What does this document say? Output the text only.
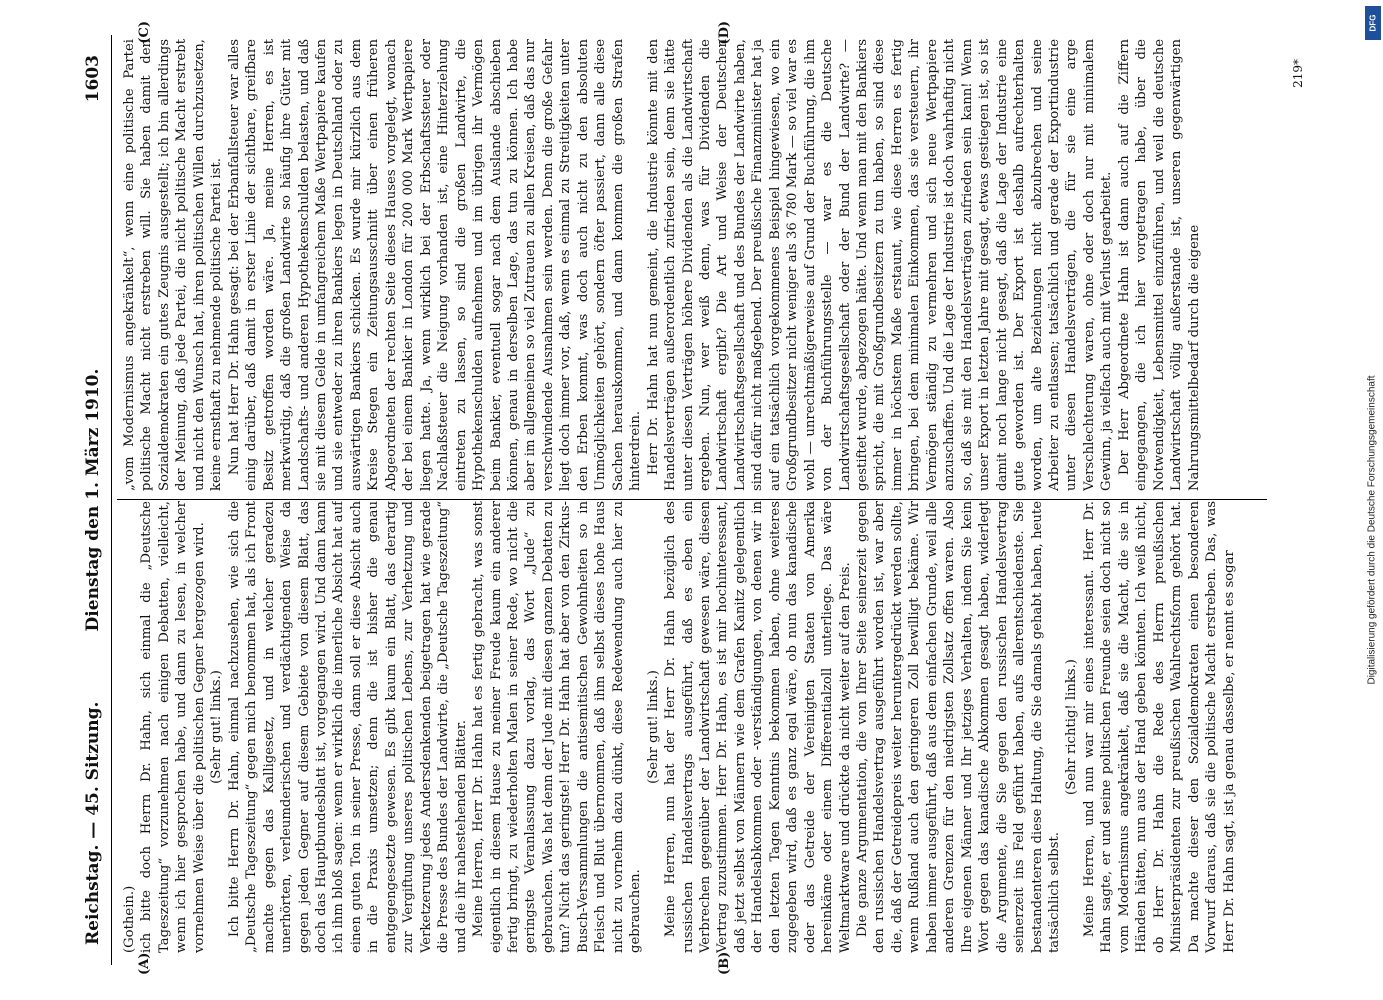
Reichstag. — 45. Sitzung.
Dienstag den 1. März 1910.
1603
(A)	(B)
(C)	(D)

(Gothein.) ich bitte doch Herrn Dr. Hahn, sich einmal die „Deutsche Tageszeitung“ vorzunehmen nach einigen Debatten, vielleicht, wenn ich hier gesprochen habe, und dann zu lesen, in welcher vornehmen Weise über die politischen Gegner hergezogen wird. (Sehr gut! links.) Ich bitte Herrn Dr. Hahn, einmal nachzusehen, wie sich die „Deutsche Tageszeitung“ gegen mich benommen hat, als ich Front machte gegen das Kalligesetz, und in welcher geradezu unerhörten, verleumderischen und verdächtigenden Weise da gegen jeden Gegner auf diesem Gebiete von diesem Blatt, das doch das Hauptbundesblatt ist, vorgegangen wird. Und dann kann ich ihm bloß sagen: wenn er wirklich die innerliche Absicht hat auf einen guten Ton in seiner Presse, dann soll er diese Absicht auch in die Praxis umsetzen; denn die ist bisher die genau entgegengesetzte gewesen. Es gibt kaum ein Blatt, das derartig zur Vergiftung unseres politischen Lebens, zur Verhetzung und Verketzerung jedes Andersdenkenden beigetragen hat wie gerade die Presse des Bundes der Landwirte, die „Deutsche Tageszeitung“ und die ihr nahestehenden Blätter. Meine Herren, Herr Dr. Hahn hat es fertig gebracht, was sonst eigentlich in diesem Hause zu meiner Freude kaum ein anderer fertig bringt, zu wiederholten Malen in seiner Rede, wo nicht die geringste Veranlassung dazu vorlag, das Wort „Jude“ zu gebrauchen. Was hat denn der Jude mit diesen ganzen Debatten zu tun? Nicht das geringste! Herr Dr. Hahn hat aber von den Zirkus-Busch-Versammlungen die antisemitischen Gewohnheiten so in Fleisch und Blut übernommen, daß ihm selbst dieses hohe Haus nicht zu vornehm dazu dünkt, diese Redewendung auch hier zu gebrauchen.

(Sehr gut! links.) Meine Herren, nun hat der Herr Dr. Hahn bezüglich des russischen Handelsvertrags ausgeführt, daß es eben ein Verbrechen gegenüber der Landwirtschaft gewesen wäre, diesen Vertrag zuzustimmen. Herr Dr. Hahn, es ist mir hochinteressant, daß jetzt selbst von Männern wie dem Grafen Kanitz gelegentlich der Handelsabkommen oder -verständigungen, von denen wir in den letzten Tagen Kenntnis bekommen haben, ohne weiteres zugegeben wird, daß es ganz egal wäre, ob nun das kanadische oder das Getreide der Vereinigten Staaten von Amerika hereinkäme oder einem Differentialzoll unterliege. Das wäre Weltmarktware und drückte da nicht weiter auf den Preis. Die ganze Argumentation, die von Ihrer Seite seinerzeit gegen den russischen Handelsvertrag ausgeführt worden ist, war aber die, daß der Getreidepreis weiter heruntergedrückt werden sollte, wenn Rußland auch den geringeren Zoll bewilligt bekäme. Wir haben immer ausgeführt, daß aus dem einfachen Grunde, weil alle anderen Grenzen für den niedrigsten Zollsatz offen waren. Also Ihre eigenen Männer und Ihr jetziges Verhalten, indem Sie kein Wort gegen das kanadische Abkommen gesagt haben, widerlegt die Argumente, die Sie gegen den russischen Handelsvertrag seinerzeit ins Feld geführt haben, aufs allerentschiedenste. Sie bestandenteren diese Haltung, die Sie damals gehabt haben, heute tatsächlich selbst.

(Sehr richtig! links.) Meine Herren, und nun war mir eines interessant. Herr Dr. Hahn sagte, er und seine politischen Freunde seien doch nicht so vom Modernismus angekränkelt, daß sie die Macht, die sie in Händen hätten, nun aus der Hand geben könnten. Ich weiß nicht, ob Herr Dr. Hahn die Rede des Herrn preußischen Ministerpräsidenten zur preußischen Wahlrechtsform gehört hat. Da machte dieser den Sozialdemokraten einen besonderen Vorwurf daraus, daß sie die politische Macht erstreben. Das, was Herr Dr. Hahn sagt, ist ja genau dasselbe, er nennt es sogar

„vom Modernismus angekränkelt“, wenn eine politische Partei politische Macht nicht erstreben will. Sie haben damit den Sozialdemokraten ein gutes Zeugnis ausgestellt; ich bin allerdings der Meinung, daß jede Partei, die nicht politische Macht erstrebt und nicht den Wunsch hat, ihren politischen Willen durchzusetzen, keine ernsthaft zu nehmende politische Partei ist. Nun hat Herr Dr. Hahn gesagt: bei der Erbanfallsteuer war alles einig darüber, daß damit in erster Linie der sichtbare, greifbare Besitz getroffen worden wäre. Ja, meine Herren, es ist merkwürdig, daß die großen Landwirte so häufig ihre Güter mit Landschafts- und anderen Hypothekenschulden belasten, und daß sie mit diesem Gelde in umfangreichem Maße Wertpapiere kaufen und sie entweder zu ihren Bankiers legen in Deutschland oder zu auswärtigen Bankiers schicken. Es wurde mir kürzlich aus dem Kreise Stegen ein Zeitungsausschnitt über einen früheren Abgeordneten der rechten Seite dieses Hauses vorgelegt, wonach der bei einem Bankier in London für 200 000 Mark Wertpapiere liegen hatte. Ja, wenn wirklich bei der Erbschaftssteuer oder Nachlaßsteuer die Neigung vorhanden ist, eine Hinterziehung eintreten zu lassen, so sind die großen Landwirte, die Hypothekenschulden aufnehmen und im übrigen ihr Vermögen beim Bankier, eventuell sogar nach dem Auslande abschieben können, genau in derselben Lage, das tun zu können. Ich habe aber im allgemeinen so viel Zutrauen zu allen Kreisen, daß das nur verschwindende Ausnahmen sein werden. Denn die große Gefahr liegt doch immer vor, daß, wenn es einmal zu Streitigkeiten unter den Erben kommt, was doch auch nicht zu den absoluten Unmöglichkeiten gehört, sondern öfter passiert, dann alle diese Sachen herauskommen, und dann kommen die großen Strafen hinterdrein. Herr Dr. Hahn hat nun gemeint, die Industrie könnte mit den Handelsverträgen außerordentlich zufrieden sein, denn sie hätte unter diesen Verträgen höhere Dividenden als die Landwirtschaft ergeben. Nun, wer weiß denn, was für Dividenden die Landwirtschaft ergibt? Die Art und Weise der Deutschen Landwirtschaftsgesellschaft und des Bundes der Landwirte haben, sind dafür nicht maßgebend. Der preußische Finanzminister hat ja auf ein tatsächlich vorgekommenes Beispiel hingewiesen, wo ein Großgrundbesitzer nicht weniger als 36 780 Mark — so viel war es wohl — unrechtmäßigerweise auf Grund der Buchführung, die ihm von der Buchführungsstelle — war es die Deutsche Landwirtschaftsgesellschaft oder der Bund der Landwirte? — gestiftet wurde, abgezogen hätte. Und wenn man mit den Bankiers spricht, die mit Großgrundbesitzern zu tun haben, so sind diese immer in höchstem Maße erstaunt, wie diese Herren es fertig bringen, bei dem minimalen Einkommen, das sie versteuern, ihr Vermögen ständig zu vermehren und sich neue Wertpapiere anzuschaffen. Und die Lage der Industrie ist doch wahrhaftig nicht so, daß sie mit den Handelsverträgen zufrieden sein kann! Wenn unser Export in letzten Jahre mit gesagt, etwas gestiegen ist, so ist damit noch lange nicht gesagt, daß die Lage der Industrie eine gute geworden ist. Der Export ist deshalb aufrechterhalten worden, um alte Beziehungen nicht abzubrechen und seine Arbeiter zu entlassen; tatsächlich und gerade der Exportindustrie unter diesen Handelsverträgen, die für sie eine arge Verschlechterung waren, ohne oder doch nur mit minimalem Gewinn, ja vielfach auch mit Verlust gearbeitet. Der Herr Abgeordnete Hahn ist dann auch auf die Ziffern eingegangen, die ich hier vorgetragen habe, über die Notwendigkeit, Lebensmittel einzuführen, und weil die deutsche Landwirtschaft völlig außerstande ist, unseren gegenwärtigen Nahrungsmittelbedarf durch die eigene

219*
DFG
Digitalisierung gefördert durch die Deutsche Forschungsgemeinschaft
